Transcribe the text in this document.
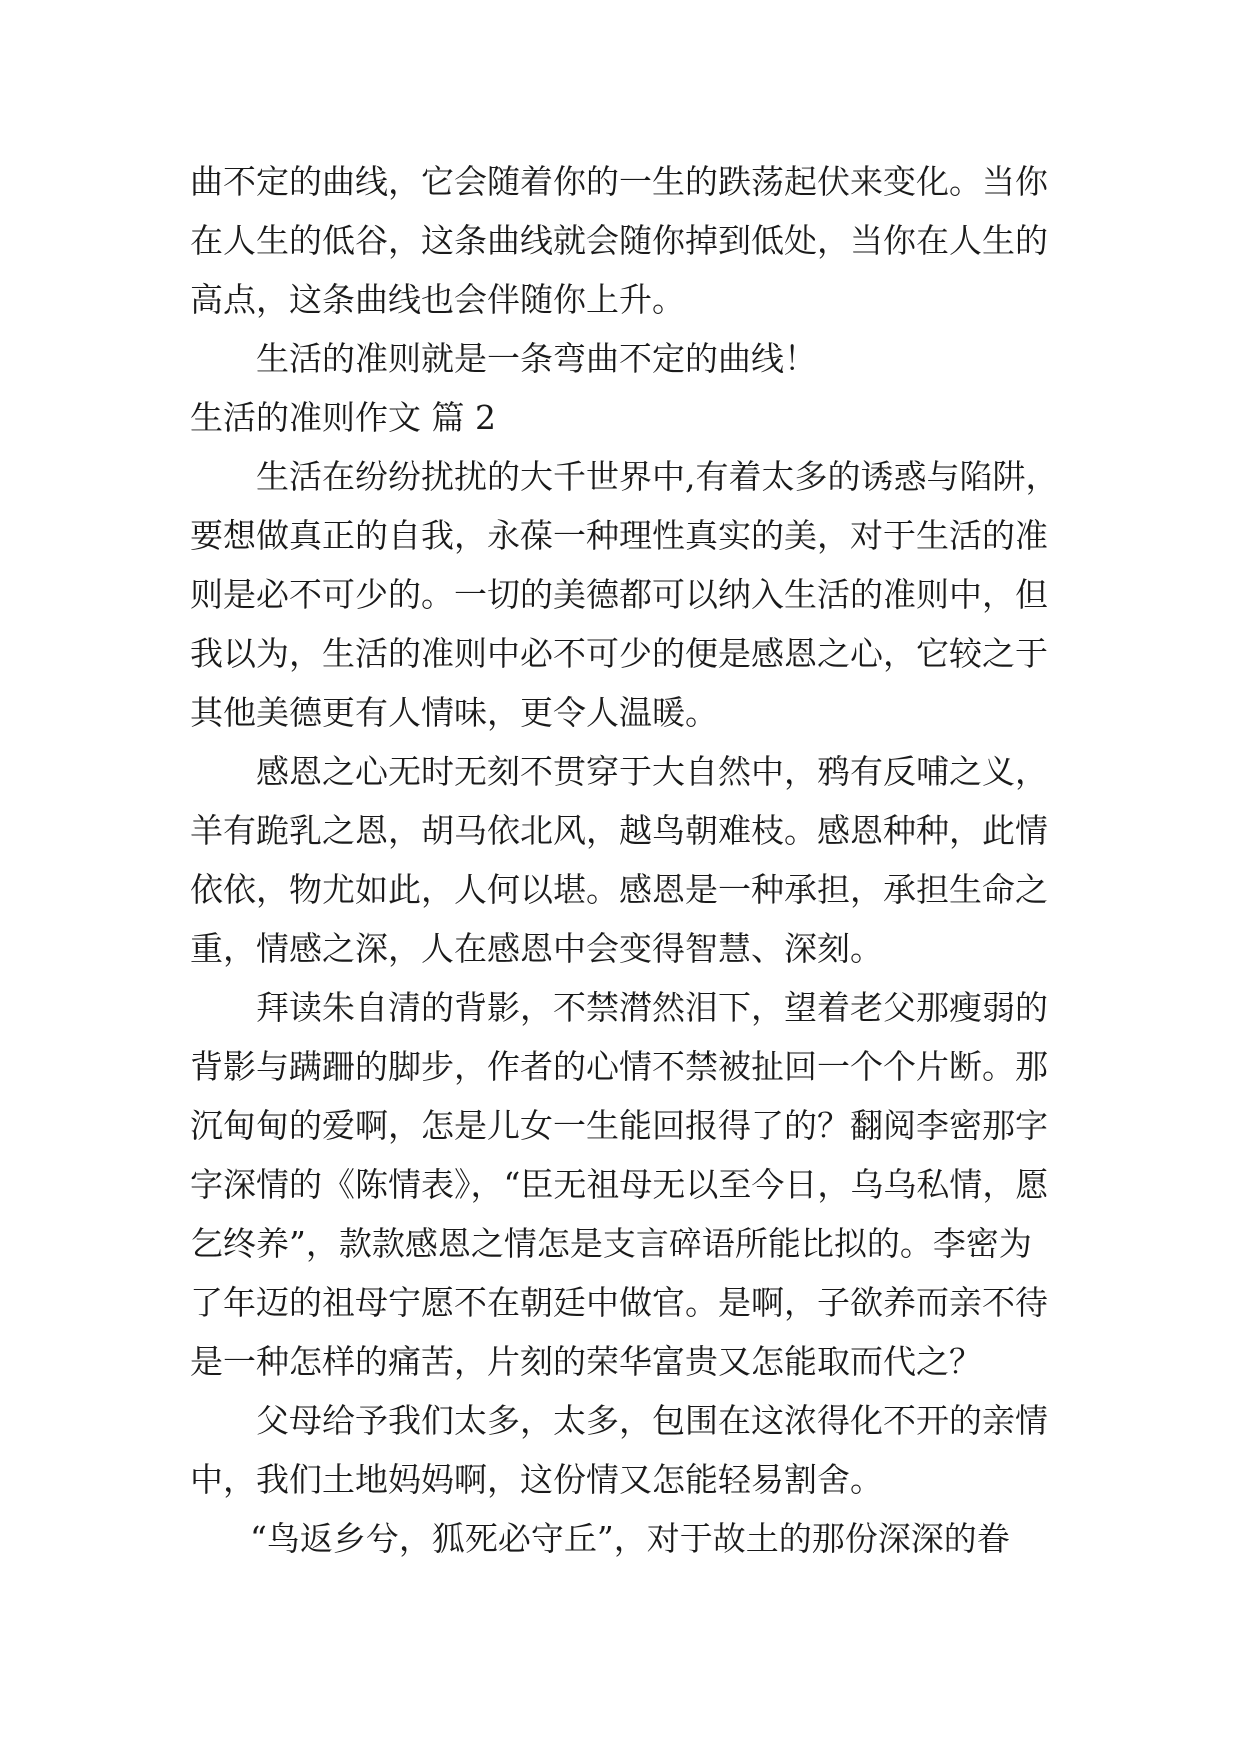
曲不定的曲线，它会随着你的一生的跌荡起伏来变化。当你
在人生的低谷，这条曲线就会随你掉到低处，当你在人生的
高点，这条曲线也会伴随你上升。
生活的准则就是一条弯曲不定的曲线！
生活的准则作文 篇 2
生活在纷纷扰扰的大千世界中,有着太多的诱惑与陷阱，
要想做真正的自我，永葆一种理性真实的美，对于生活的准
则是必不可少的。一切的美德都可以纳入生活的准则中，但
我以为，生活的准则中必不可少的便是感恩之心，它较之于
其他美德更有人情味，更令人温暖。
感恩之心无时无刻不贯穿于大自然中，鸦有反哺之义，
羊有跪乳之恩，胡马依北风，越鸟朝难枝。感恩种种，此情
依依，物尤如此，人何以堪。感恩是一种承担，承担生命之
重，情感之深，人在感恩中会变得智慧、深刻。
拜读朱自清的背影，不禁潸然泪下，望着老父那瘦弱的
背影与蹒跚的脚步，作者的心情不禁被扯回一个个片断。那
沉甸甸的爱啊，怎是儿女一生能回报得了的？翻阅李密那字
字深情的《陈情表》，“臣无祖母无以至今日，乌乌私情，愿
乞终养”，款款感恩之情怎是支言碎语所能比拟的。李密为
了年迈的祖母宁愿不在朝廷中做官。是啊，子欲养而亲不待
是一种怎样的痛苦，片刻的荣华富贵又怎能取而代之？
父母给予我们太多，太多，包围在这浓得化不开的亲情
中，我们土地妈妈啊，这份情又怎能轻易割舍。
“鸟返乡兮，狐死必守丘”，对于故土的那份深深的眷
